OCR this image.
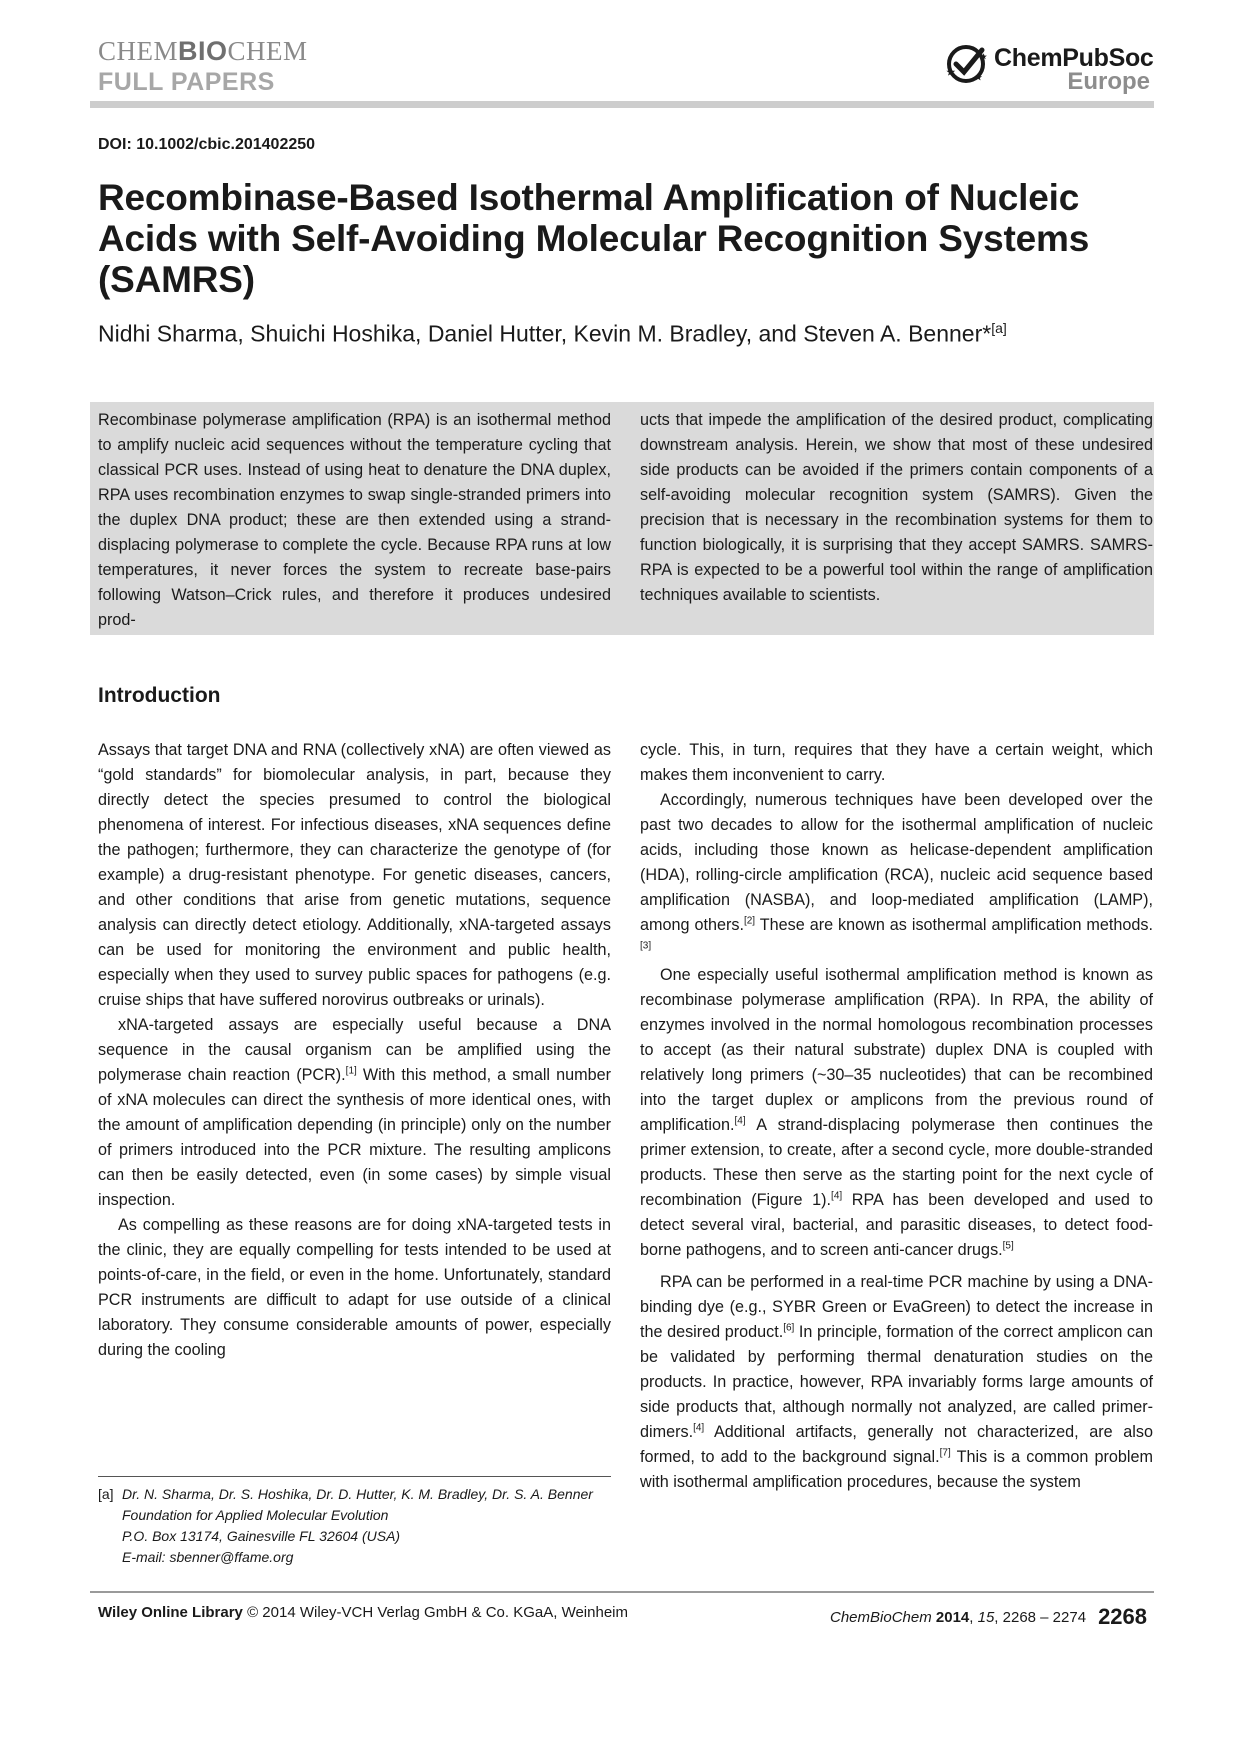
CHEMBIOCHEM
FULL PAPERS
ChemPubSoc
Europe
DOI: 10.1002/cbic.201402250
Recombinase-Based Isothermal Amplification of Nucleic Acids with Self-Avoiding Molecular Recognition Systems (SAMRS)
Nidhi Sharma, Shuichi Hoshika, Daniel Hutter, Kevin M. Bradley, and Steven A. Benner*[a]

Recombinase polymerase amplification (RPA) is an isothermal method to amplify nucleic acid sequences without the temperature cycling that classical PCR uses. Instead of using heat to denature the DNA duplex, RPA uses recombination enzymes to swap single-stranded primers into the duplex DNA product; these are then extended using a strand-displacing polymerase to complete the cycle. Because RPA runs at low temperatures, it never forces the system to recreate base-pairs following Watson–Crick rules, and therefore it produces undesired prod-

ucts that impede the amplification of the desired product, complicating downstream analysis. Herein, we show that most of these undesired side products can be avoided if the primers contain components of a self-avoiding molecular recognition system (SAMRS). Given the precision that is necessary in the recombination systems for them to function biologically, it is surprising that they accept SAMRS. SAMRS-RPA is expected to be a powerful tool within the range of amplification techniques available to scientists.

Introduction

Assays that target DNA and RNA (collectively xNA) are often viewed as “gold standards” for biomolecular analysis, in part, because they directly detect the species presumed to control the biological phenomena of interest. For infectious diseases, xNA sequences define the pathogen; furthermore, they can characterize the genotype of (for example) a drug-resistant phenotype. For genetic diseases, cancers, and other conditions that arise from genetic mutations, sequence analysis can directly detect etiology. Additionally, xNA-targeted assays can be used for monitoring the environment and public health, especially when they used to survey public spaces for pathogens (e.g. cruise ships that have suffered norovirus outbreaks or urinals).

xNA-targeted assays are especially useful because a DNA sequence in the causal organism can be amplified using the polymerase chain reaction (PCR).[1] With this method, a small number of xNA molecules can direct the synthesis of more identical ones, with the amount of amplification depending (in principle) only on the number of primers introduced into the PCR mixture. The resulting amplicons can then be easily detected, even (in some cases) by simple visual inspection.

As compelling as these reasons are for doing xNA-targeted tests in the clinic, they are equally compelling for tests intended to be used at points-of-care, in the field, or even in the home. Unfortunately, standard PCR instruments are difficult to adapt for use outside of a clinical laboratory. They consume considerable amounts of power, especially during the cooling

cycle. This, in turn, requires that they have a certain weight, which makes them inconvenient to carry.

Accordingly, numerous techniques have been developed over the past two decades to allow for the isothermal amplification of nucleic acids, including those known as helicase-dependent amplification (HDA), rolling-circle amplification (RCA), nucleic acid sequence based amplification (NASBA), and loop-mediated amplification (LAMP), among others.[2] These are known as isothermal amplification methods.[3]

One especially useful isothermal amplification method is known as recombinase polymerase amplification (RPA). In RPA, the ability of enzymes involved in the normal homologous recombination processes to accept (as their natural substrate) duplex DNA is coupled with relatively long primers (~30–35 nucleotides) that can be recombined into the target duplex or amplicons from the previous round of amplification.[4] A strand-displacing polymerase then continues the primer extension, to create, after a second cycle, more double-stranded products. These then serve as the starting point for the next cycle of recombination (Figure 1).[4] RPA has been developed and used to detect several viral, bacterial, and parasitic diseases, to detect food-borne pathogens, and to screen anti-cancer drugs.[5]

RPA can be performed in a real-time PCR machine by using a DNA-binding dye (e.g., SYBR Green or EvaGreen) to detect the increase in the desired product.[6] In principle, formation of the correct amplicon can be validated by performing thermal denaturation studies on the products. In practice, however, RPA invariably forms large amounts of side products that, although normally not analyzed, are called primer-dimers.[4] Additional artifacts, generally not characterized, are also formed, to add to the background signal.[7] This is a common problem with isothermal amplification procedures, because the system

[a] Dr. N. Sharma, Dr. S. Hoshika, Dr. D. Hutter, K. M. Bradley, Dr. S. A. Benner
Foundation for Applied Molecular Evolution
P.O. Box 13174, Gainesville FL 32604 (USA)
E-mail: sbenner@ffame.org
Wiley Online Library © 2014 Wiley-VCH Verlag GmbH & Co. KGaA, Weinheim	ChemBioChem 2014, 15, 2268 – 2274 2268
